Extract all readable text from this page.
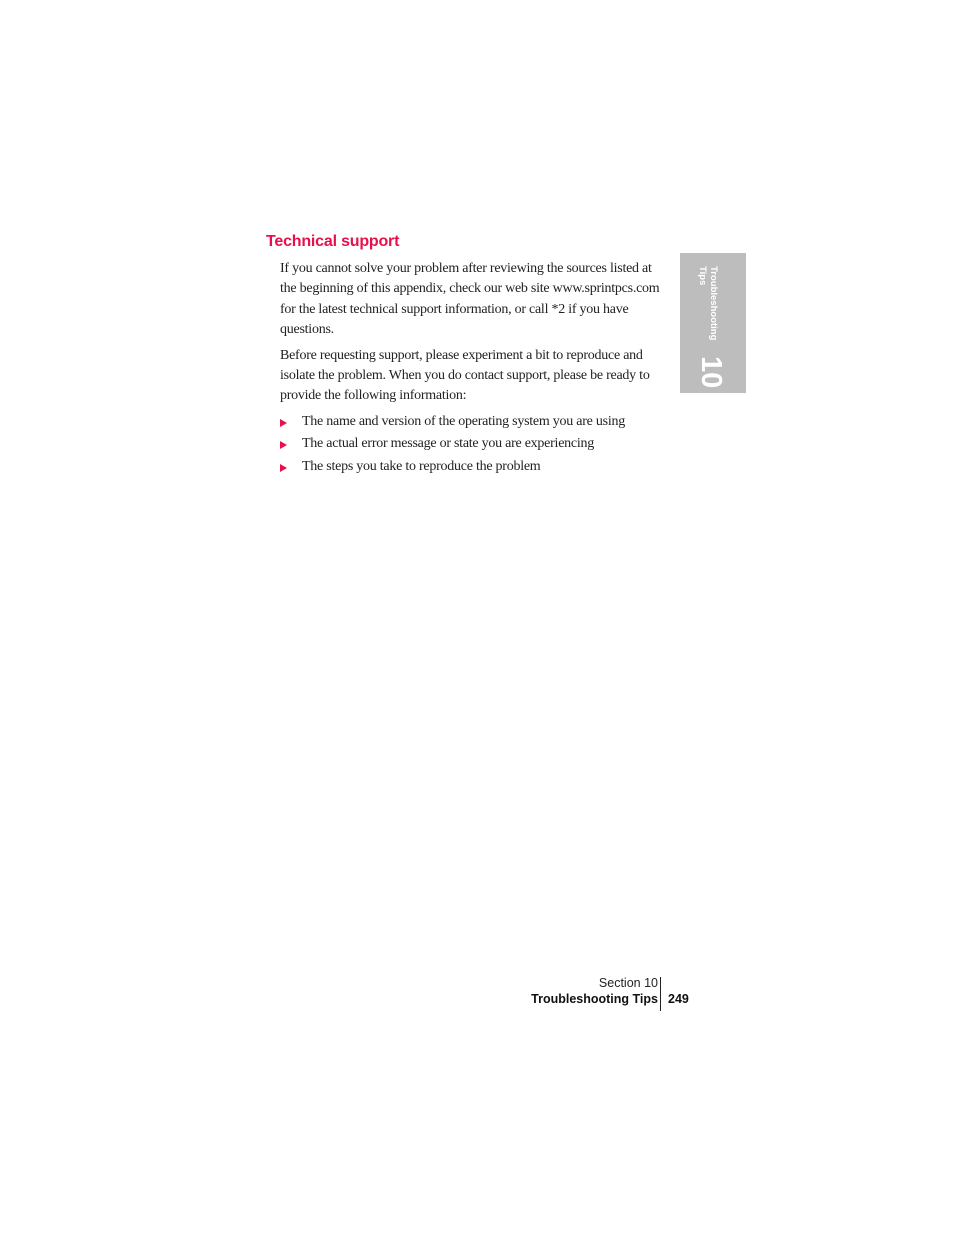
Technical support

If you cannot solve your problem after reviewing the sources listed at the beginning of this appendix, check our web site www.sprintpcs.com for the latest technical support information, or call *2 if you have questions.

Before requesting support, please experiment a bit to reproduce and isolate the problem. When you do contact support, please be ready to provide the following information:

The name and version of the operating system you are using
The actual error message or state you are experiencing
The steps you take to reproduce the problem
Troubleshooting
Tips
10
Section 10
Troubleshooting Tips 249
